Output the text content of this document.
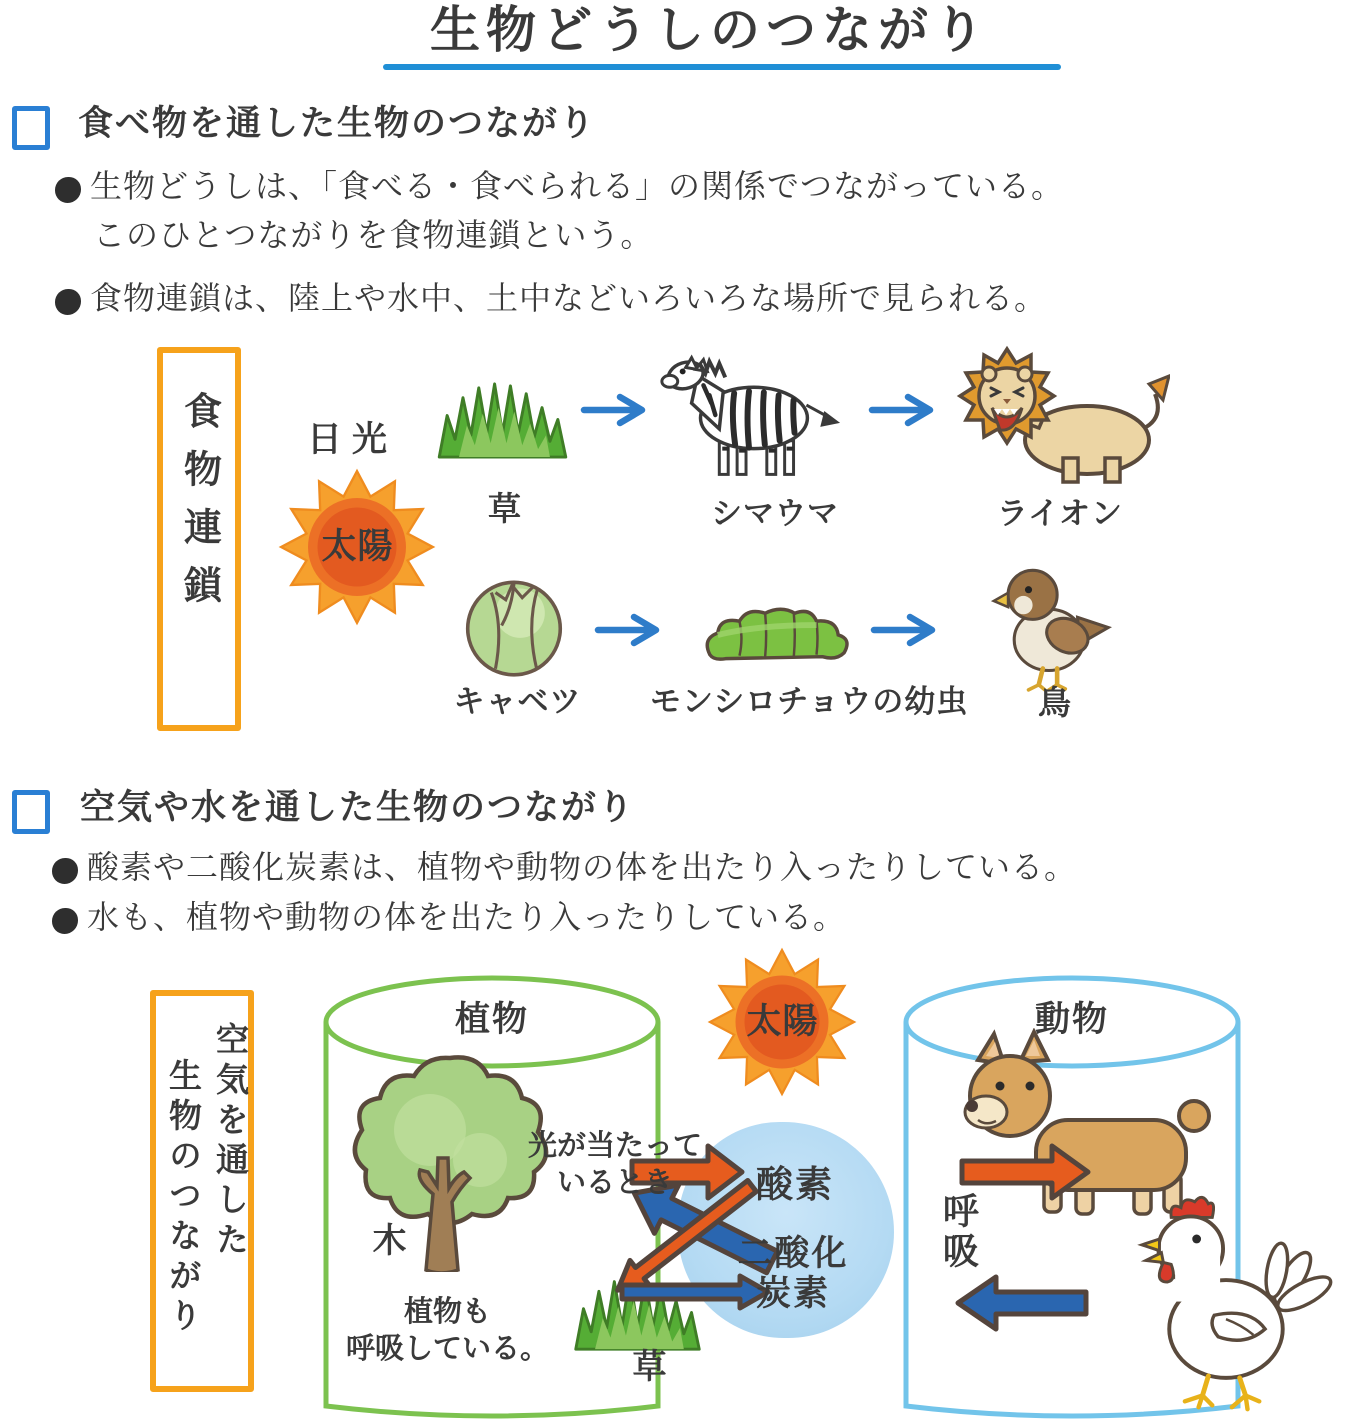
生物どうしのつながり
食べ物を通した生物のつながり
生物どうしは、「食べる・食べられる」の関係でつながっている。
このひとつながりを食物連鎖という。
食物連鎖は、陸上や水中、土中などいろいろな場所で見られる。
食物連鎖	日光
太陽
草	シマウマ	ライオン
キャベツ	モンシロチョウの幼虫	鳥
空気や水を通した生物のつながり
酸素や二酸化炭素は、植物や動物の体を出たり入ったりしている。
水も、植物や動物の体を出たり入ったりしている。
空気を通した
生物のつながり
植物	動物
太陽
酸素
二酸化
炭素
木
草
光が当たって
いるとき
植物も
呼吸している。
呼吸
